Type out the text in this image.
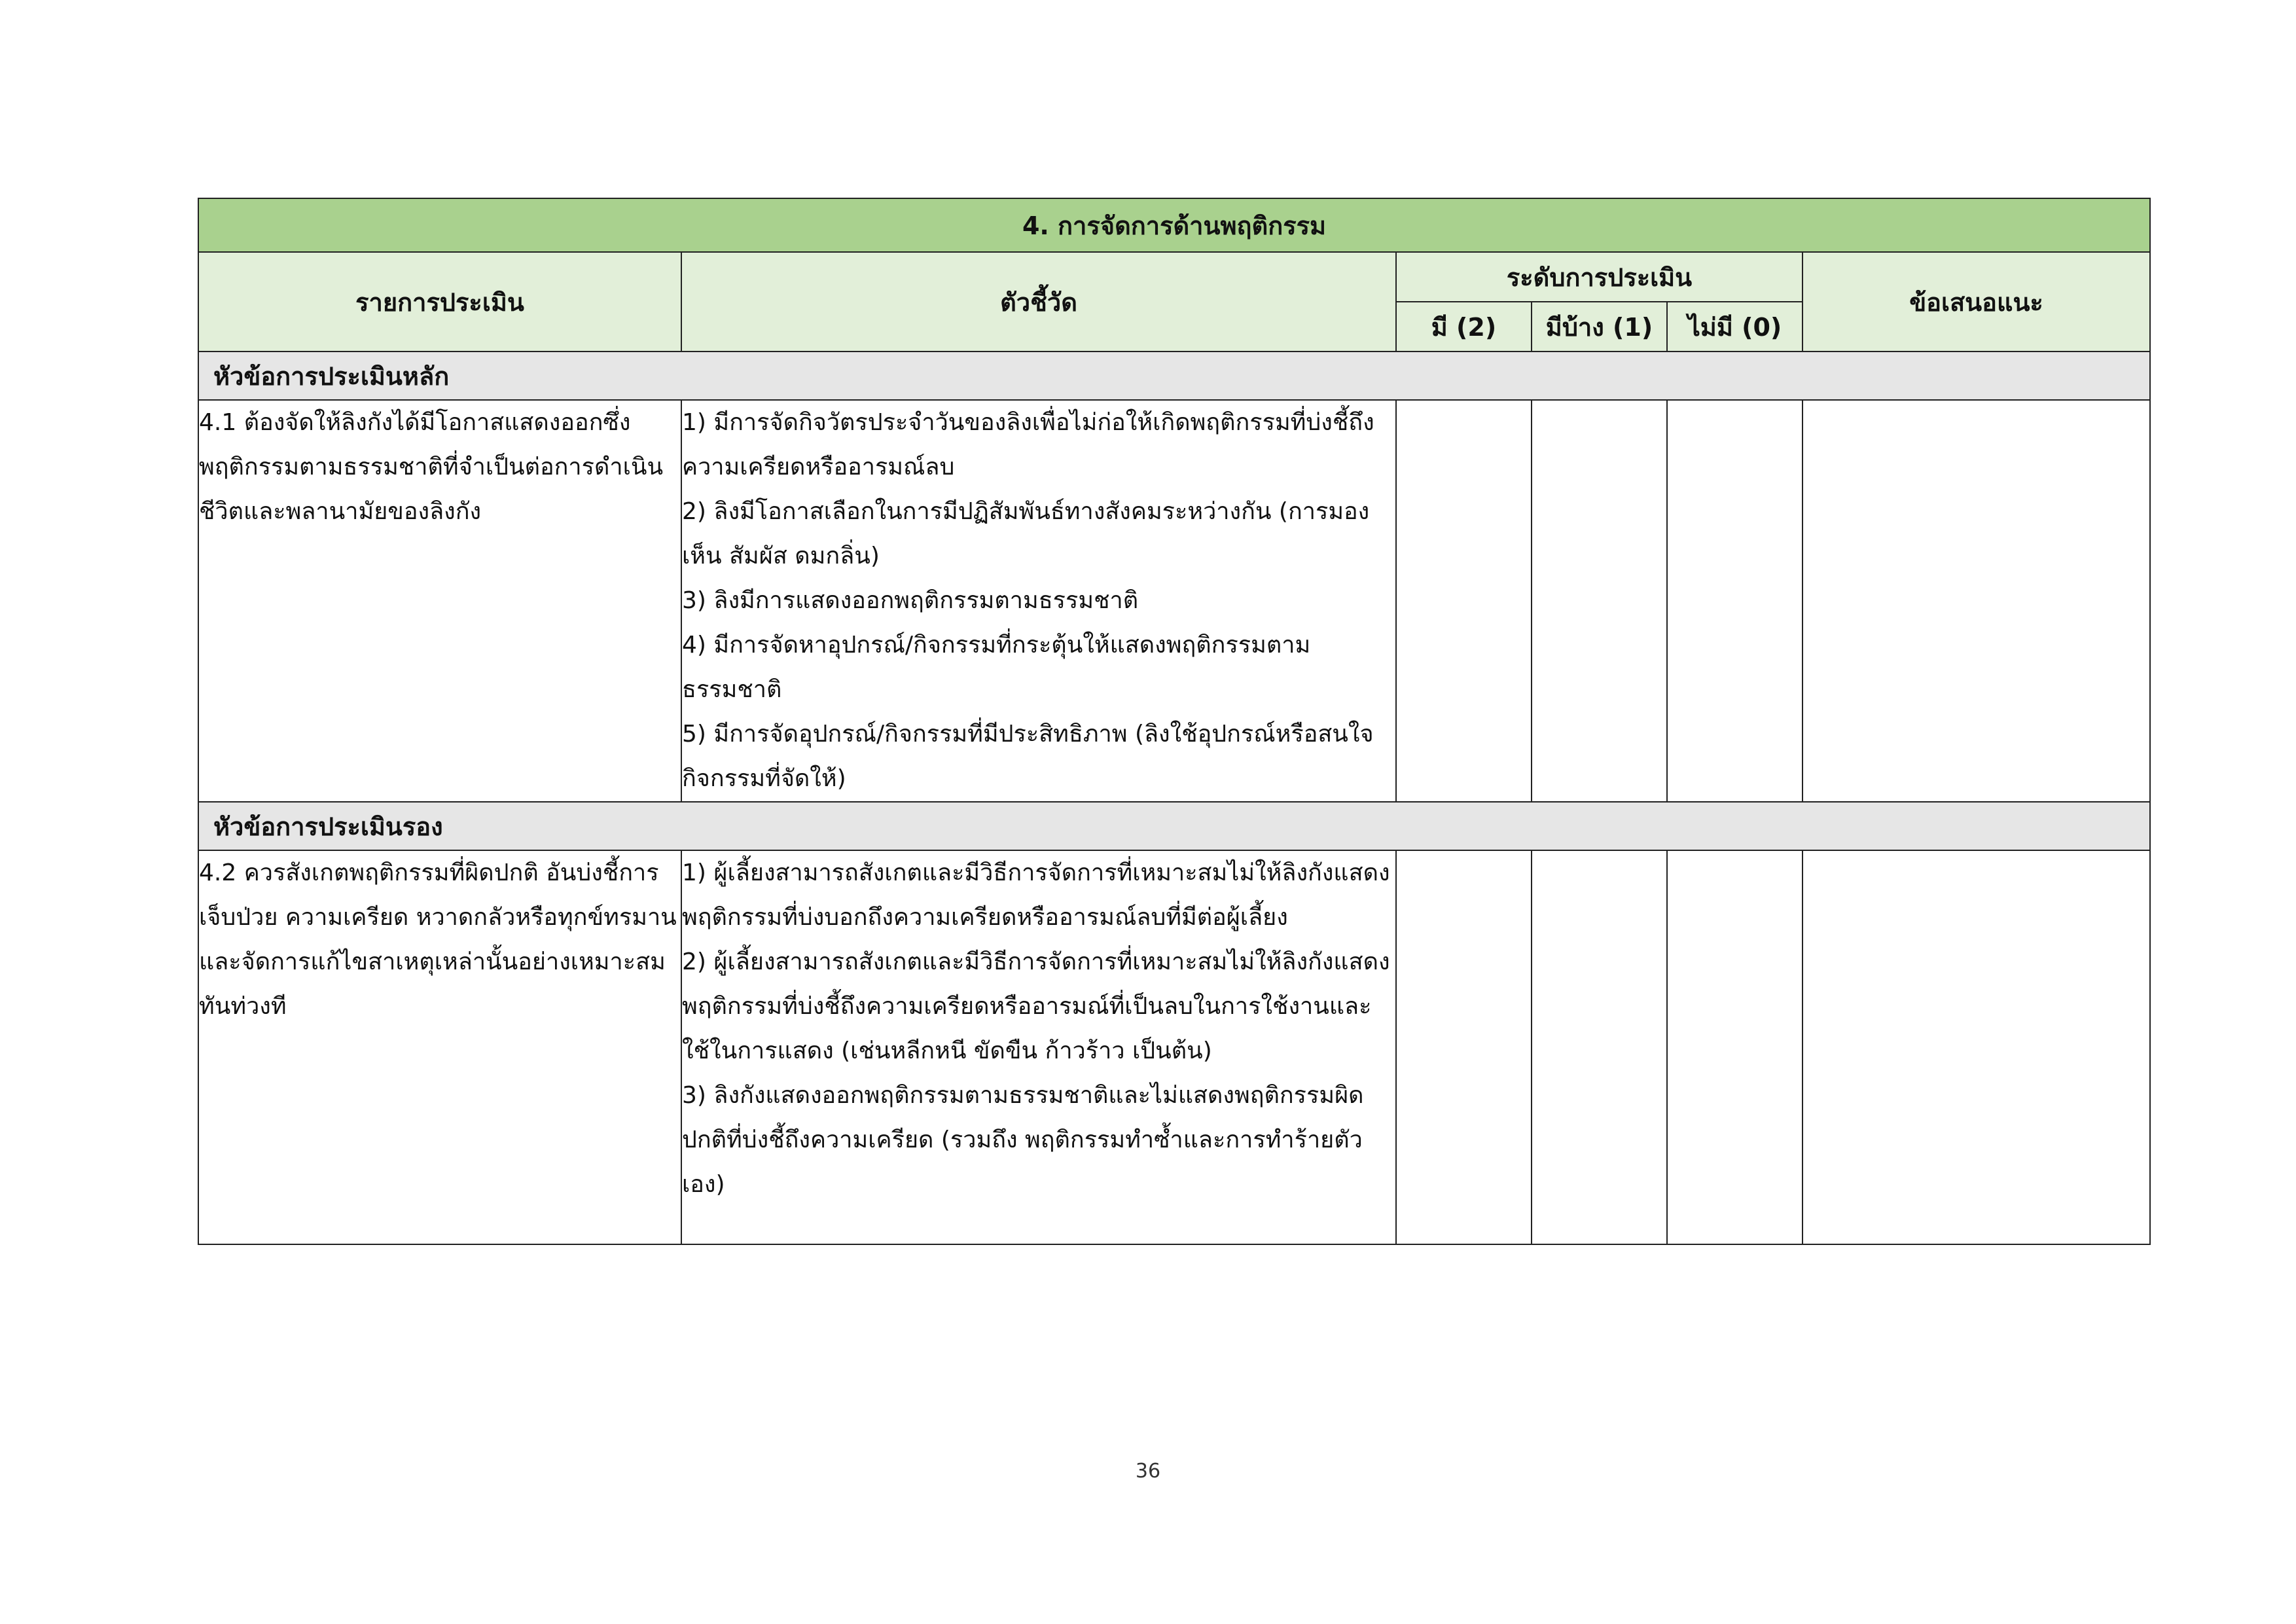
4. การจัดการด้านพฤติกรรม					
รายการประเมิน	ตัวชี้วัด	ระดับการประเมิน			ข้อเสนอแนะ
		มี (2)	มีบ้าง (1)	ไม่มี (0)	
หัวข้อการประเมินหลัก					
4.1 ต้องจัดให้ลิงกังได้มีโอกาสแสดงออกซึ่งพฤติกรรมตามธรรมชาติที่จำเป็นต่อการดำเนินชีวิตและพลานามัยของลิงกัง	1) มีการจัดกิจวัตรประจำวันของลิงเพื่อไม่ก่อให้เกิดพฤติกรรมที่บ่งชี้ถึงความเครียดหรืออารมณ์ลบ
2) ลิงมีโอกาสเลือกในการมีปฏิสัมพันธ์ทางสังคมระหว่างกัน (การมองเห็น สัมผัส ดมกลิ่น)
3) ลิงมีการแสดงออกพฤติกรรมตามธรรมชาติ
4) มีการจัดหาอุปกรณ์/กิจกรรมที่กระตุ้นให้แสดงพฤติกรรมตามธรรมชาติ
5) มีการจัดอุปกรณ์/กิจกรรมที่มีประสิทธิภาพ (ลิงใช้อุปกรณ์หรือสนใจกิจกรรมที่จัดให้)				

หัวข้อการประเมินรอง					
4.2 ควรสังเกตพฤติกรรมที่ผิดปกติ อันบ่งชี้การเจ็บป่วย ความเครียด หวาดกลัวหรือทุกข์ทรมานและจัดการแก้ไขสาเหตุเหล่านั้นอย่างเหมาะสมทันท่วงที	1) ผู้เลี้ยงสามารถสังเกตและมีวิธีการจัดการที่เหมาะสมไม่ให้ลิงกังแสดงพฤติกรรมที่บ่งบอกถึงความเครียดหรืออารมณ์ลบที่มีต่อผู้เลี้ยง
2) ผู้เลี้ยงสามารถสังเกตและมีวิธีการจัดการที่เหมาะสมไม่ให้ลิงกังแสดงพฤติกรรมที่บ่งชี้ถึงความเครียดหรืออารมณ์ที่เป็นลบในการใช้งานและใช้ในการแสดง (เช่นหลีกหนี ขัดขืน ก้าวร้าว เป็นต้น)
3) ลิงกังแสดงออกพฤติกรรมตามธรรมชาติและไม่แสดงพฤติกรรมผิดปกติที่บ่งชี้ถึงความเครียด (รวมถึง พฤติกรรมทำซ้ำและการทำร้ายตัวเอง)				

36
